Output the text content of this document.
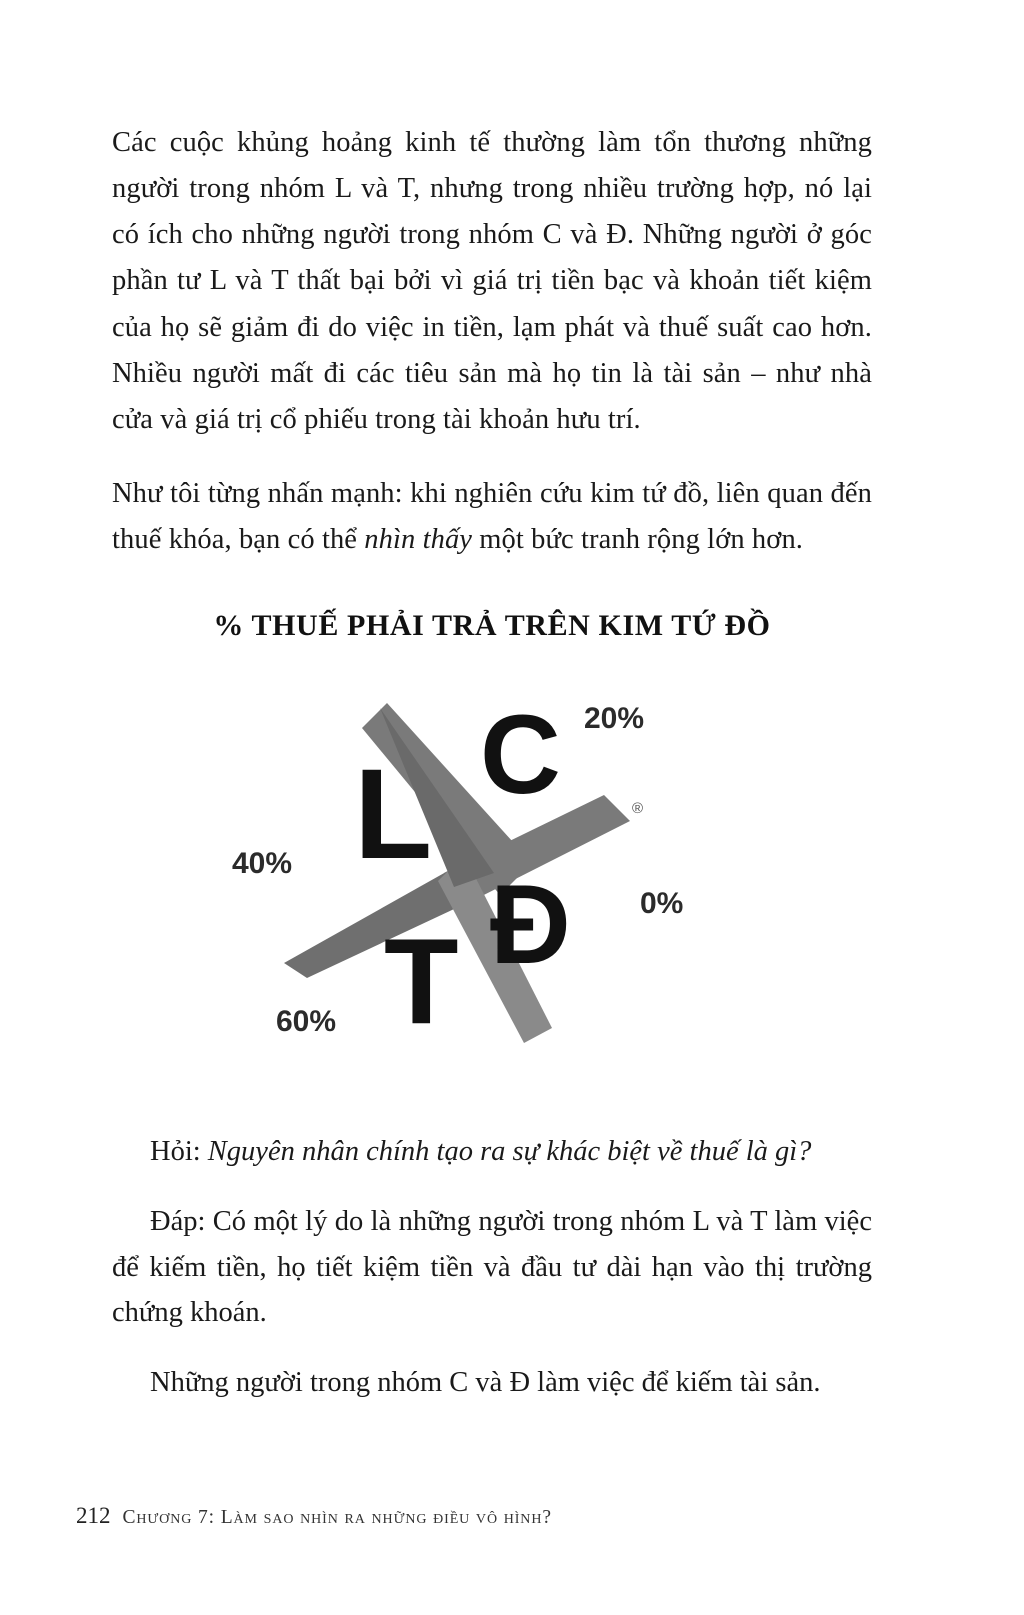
Các cuộc khủng hoảng kinh tế thường làm tổn thương những người trong nhóm L và T, nhưng trong nhiều trường hợp, nó lại có ích cho những người trong nhóm C và Đ. Những người ở góc phần tư L và T thất bại bởi vì giá trị tiền bạc và khoản tiết kiệm của họ sẽ giảm đi do việc in tiền, lạm phát và thuế suất cao hơn. Nhiều người mất đi các tiêu sản mà họ tin là tài sản – như nhà cửa và giá trị cổ phiếu trong tài khoản hưu trí.

Như tôi từng nhấn mạnh: khi nghiên cứu kim tứ đồ, liên quan đến thuế khóa, bạn có thể nhìn thấy một bức tranh rộng lớn hơn.

% THUẾ PHẢI TRẢ TRÊN KIM TỨ ĐỒ
L C
T Đ
®
40%
20%
60%
0%

Hỏi: Nguyên nhân chính tạo ra sự khác biệt về thuế là gì?

Đáp: Có một lý do là những người trong nhóm L và T làm việc để kiếm tiền, họ tiết kiệm tiền và đầu tư dài hạn vào thị trường chứng khoán.

Những người trong nhóm C và Đ làm việc để kiếm tài sản.

212 Chương 7: Làm sao nhìn ra những điều vô hình?
